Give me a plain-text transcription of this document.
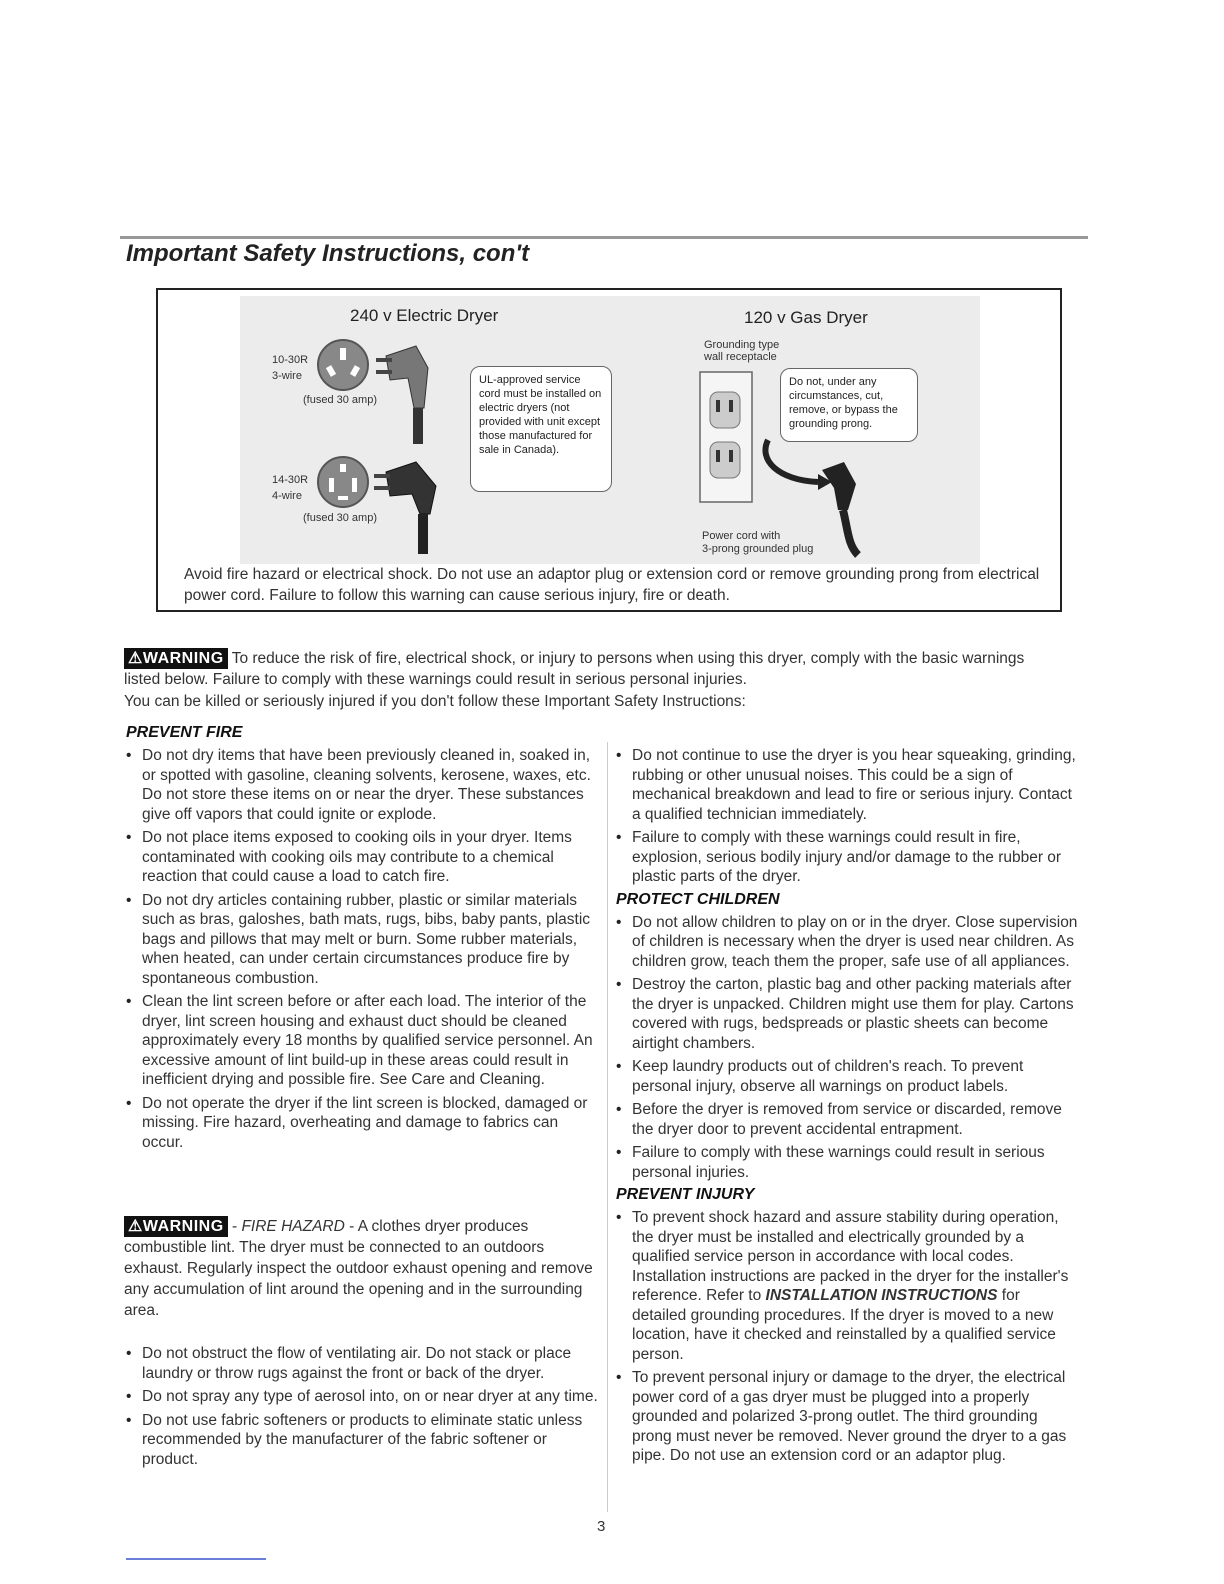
Important Safety Instructions, con't
240 v Electric Dryer	120 v Gas Dryer
10-30R
3-wire
(fused 30 amp)
14-30R
4-wire
(fused 30 amp)
UL-approved service cord must be installed on electric dryers (not provided with unit except those manufactured for sale in Canada).
Grounding type
wall receptacle
Do not, under any circumstances, cut, remove, or bypass the grounding prong.
Power cord with
3-prong grounded plug
Avoid fire hazard or electrical shock. Do not use an adaptor plug or extension cord or remove grounding prong from electrical power cord. Failure to follow this warning can cause serious injury, fire or death.
⚠WARNING To reduce the risk of fire, electrical shock, or injury to persons when using this dryer, comply with the basic warnings listed below. Failure to comply with these warnings could result in serious personal injuries.
You can be killed or seriously injured if you don't follow these Important Safety Instructions:
PREVENT FIRE
• Do not dry items that have been previously cleaned in, soaked in, or spotted with gasoline, cleaning solvents, kerosene, waxes, etc. Do not store these items on or near the dryer. These substances give off vapors that could ignite or explode.
• Do not place items exposed to cooking oils in your dryer. Items contaminated with cooking oils may contribute to a chemical reaction that could cause a load to catch fire.
• Do not dry articles containing rubber, plastic or similar materials such as bras, galoshes, bath mats, rugs, bibs, baby pants, plastic bags and pillows that may melt or burn. Some rubber materials, when heated, can under certain circumstances produce fire by spontaneous combustion.
• Clean the lint screen before or after each load. The interior of the dryer, lint screen housing and exhaust duct should be cleaned approximately every 18 months by qualified service personnel. An excessive amount of lint build-up in these areas could result in inefficient drying and possible fire. See Care and Cleaning.
• Do not operate the dryer if the lint screen is blocked, damaged or missing. Fire hazard, overheating and damage to fabrics can occur.
⚠WARNING - FIRE HAZARD - A clothes dryer produces combustible lint. The dryer must be connected to an outdoors exhaust. Regularly inspect the outdoor exhaust opening and remove any accumulation of lint around the opening and in the surrounding area.
• Do not obstruct the flow of ventilating air. Do not stack or place laundry or throw rugs against the front or back of the dryer.
• Do not spray any type of aerosol into, on or near dryer at any time.
• Do not use fabric softeners or products to eliminate static unless recommended by the manufacturer of the fabric softener or product.
• Do not continue to use the dryer is you hear squeaking, grinding, rubbing or other unusual noises. This could be a sign of mechanical breakdown and lead to fire or serious injury. Contact a qualified technician immediately.
• Failure to comply with these warnings could result in fire, explosion, serious bodily injury and/or damage to the rubber or plastic parts of the dryer.
PROTECT CHILDREN
• Do not allow children to play on or in the dryer. Close supervision of children is necessary when the dryer is used near children. As children grow, teach them the proper, safe use of all appliances.
• Destroy the carton, plastic bag and other packing materials after the dryer is unpacked. Children might use them for play. Cartons covered with rugs, bedspreads or plastic sheets can become airtight chambers.
• Keep laundry products out of children's reach. To prevent personal injury, observe all warnings on product labels.
• Before the dryer is removed from service or discarded, remove the dryer door to prevent accidental entrapment.
• Failure to comply with these warnings could result in serious personal injuries.
PREVENT INJURY
• To prevent shock hazard and assure stability during operation, the dryer must be installed and electrically grounded by a qualified service person in accordance with local codes. Installation instructions are packed in the dryer for the installer's reference. Refer to INSTALLATION INSTRUCTIONS for detailed grounding procedures. If the dryer is moved to a new location, have it checked and reinstalled by a qualified service person.
• To prevent personal injury or damage to the dryer, the electrical power cord of a gas dryer must be plugged into a properly grounded and polarized 3-prong outlet. The third grounding prong must never be removed. Never ground the dryer to a gas pipe. Do not use an extension cord or an adaptor plug.
3
